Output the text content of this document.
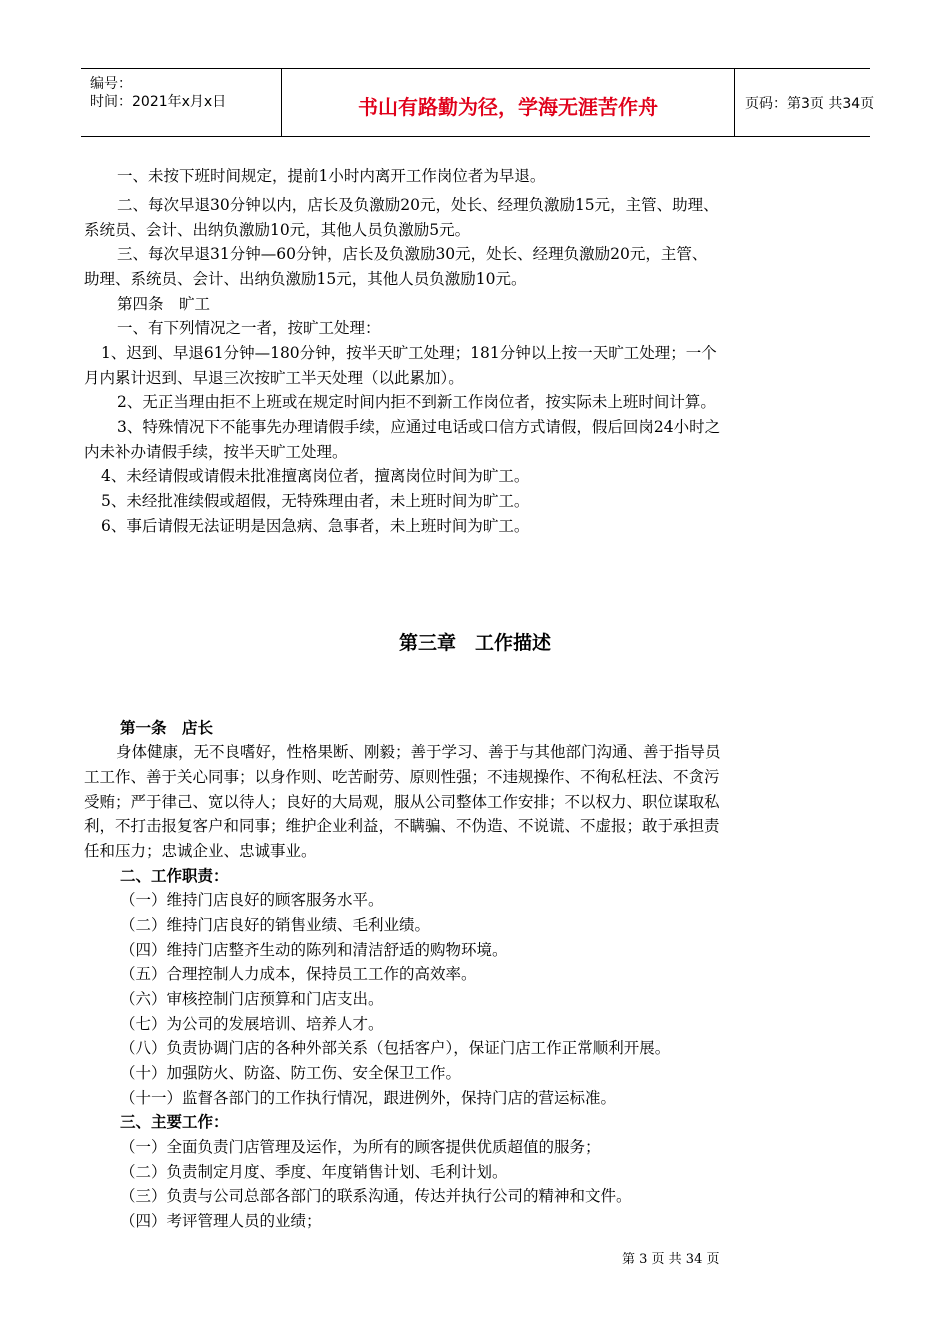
编号：
时间：2021年x月x日	书山有路勤为径，学海无涯苦作舟	页码：第3页 共34页
一、未按下班时间规定，提前1小时内离开工作岗位者为早退。
二、每次早退30分钟以内，店长及负激励20元，处长、经理负激励15元，主管、助理、
系统员、会计、出纳负激励10元，其他人员负激励5元。
三、每次早退31分钟—60分钟，店长及负激励30元，处长、经理负激励20元，主管、
助理、系统员、会计、出纳负激励15元，其他人员负激励10元。
第四条　旷工
一、有下列情况之一者，按旷工处理：
1、迟到、早退61分钟—180分钟，按半天旷工处理；181分钟以上按一天旷工处理；一个
月内累计迟到、早退三次按旷工半天处理（以此累加）。
2、无正当理由拒不上班或在规定时间内拒不到新工作岗位者，按实际未上班时间计算。
3、特殊情况下不能事先办理请假手续，应通过电话或口信方式请假，假后回岗24小时之
内未补办请假手续，按半天旷工处理。
4、未经请假或请假未批准擅离岗位者，擅离岗位时间为旷工。
5、未经批准续假或超假，无特殊理由者，未上班时间为旷工。
6、事后请假无法证明是因急病、急事者，未上班时间为旷工。
第三章　工作描述
第一条　店长
身体健康，无不良嗜好，性格果断、刚毅；善于学习、善于与其他部门沟通、善于指导员
工工作、善于关心同事；以身作则、吃苦耐劳、原则性强；不违规操作、不徇私枉法、不贪污
受贿；严于律己、宽以待人；良好的大局观，服从公司整体工作安排；不以权力、职位谋取私
利，不打击报复客户和同事；维护企业利益，不瞒骗、不伪造、不说谎、不虚报；敢于承担责
任和压力；忠诚企业、忠诚事业。
二、工作职责：
（一）维持门店良好的顾客服务水平。
（二）维持门店良好的销售业绩、毛利业绩。
（四）维持门店整齐生动的陈列和清洁舒适的购物环境。
（五）合理控制人力成本，保持员工工作的高效率。
（六）审核控制门店预算和门店支出。
（七）为公司的发展培训、培养人才。
（八）负责协调门店的各种外部关系（包括客户），保证门店工作正常顺利开展。
（十）加强防火、防盗、防工伤、安全保卫工作。
（十一）监督各部门的工作执行情况，跟进例外，保持门店的营运标准。
三、主要工作：
（一）全面负责门店管理及运作，为所有的顾客提供优质超值的服务；
（二）负责制定月度、季度、年度销售计划、毛利计划。
（三）负责与公司总部各部门的联系沟通，传达并执行公司的精神和文件。
（四）考评管理人员的业绩；
第 3 页 共 34 页
